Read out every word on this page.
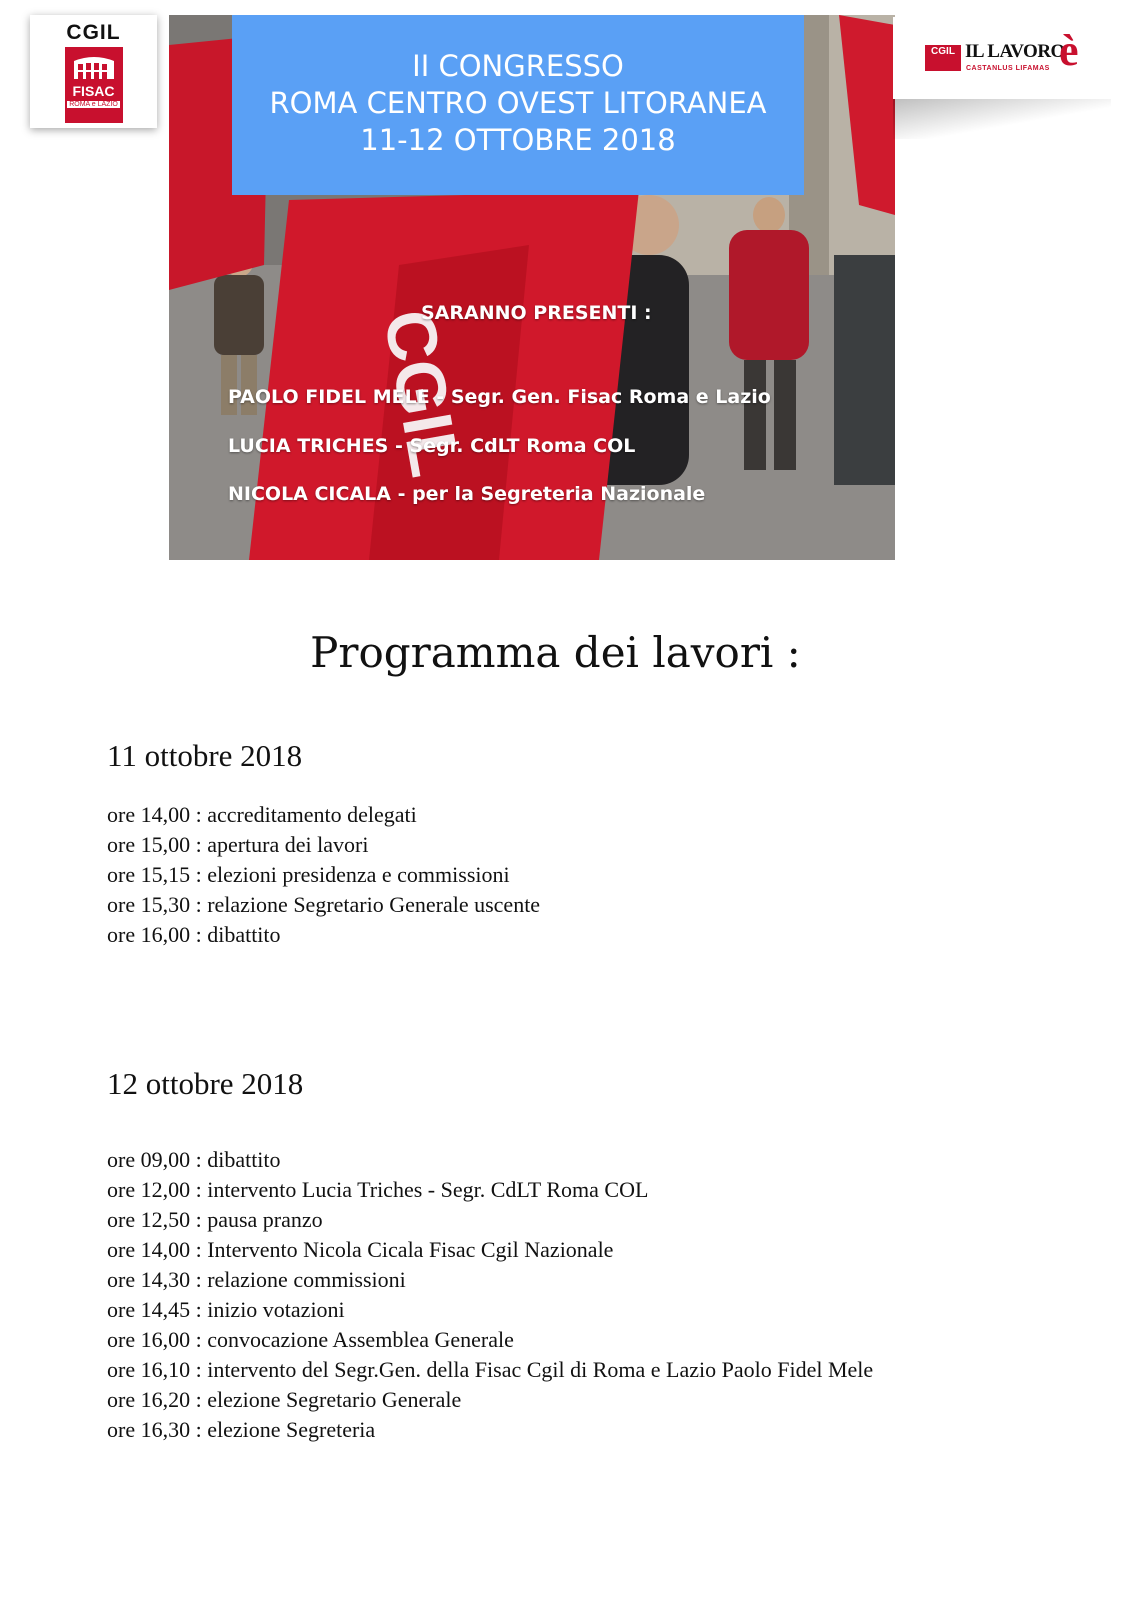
CGIL
FISAC
ROMA e LAZIO
CGIL
II CONGRESSO
ROMA CENTRO OVEST LITORANEA
11-12 OTTOBRE 2018
SARANNO PRESENTI :
PAOLO FIDEL MELE - Segr. Gen. Fisac Roma e Lazio
LUCIA TRICHES - Segr. CdLT Roma COL
NICOLA CICALA - per la Segreteria Nazionale
CGIL IL LAVORO
è
CASTANLUS LIFAMAS
Programma dei lavori :
11 ottobre 2018
ore 14,00 : accreditamento delegati
ore 15,00 : apertura dei lavori
ore 15,15 : elezioni presidenza e commissioni
ore 15,30 : relazione Segretario Generale uscente
ore 16,00 : dibattito
12 ottobre 2018
ore 09,00 : dibattito
ore 12,00 : intervento Lucia Triches - Segr. CdLT Roma COL
ore 12,50 : pausa pranzo
ore 14,00 : Intervento Nicola Cicala Fisac Cgil Nazionale
ore 14,30 : relazione commissioni
ore 14,45 : inizio votazioni
ore 16,00 : convocazione Assemblea Generale
ore 16,10 : intervento del Segr.Gen. della Fisac Cgil di Roma e Lazio Paolo Fidel Mele
ore 16,20 : elezione Segretario Generale
ore 16,30 : elezione Segreteria
